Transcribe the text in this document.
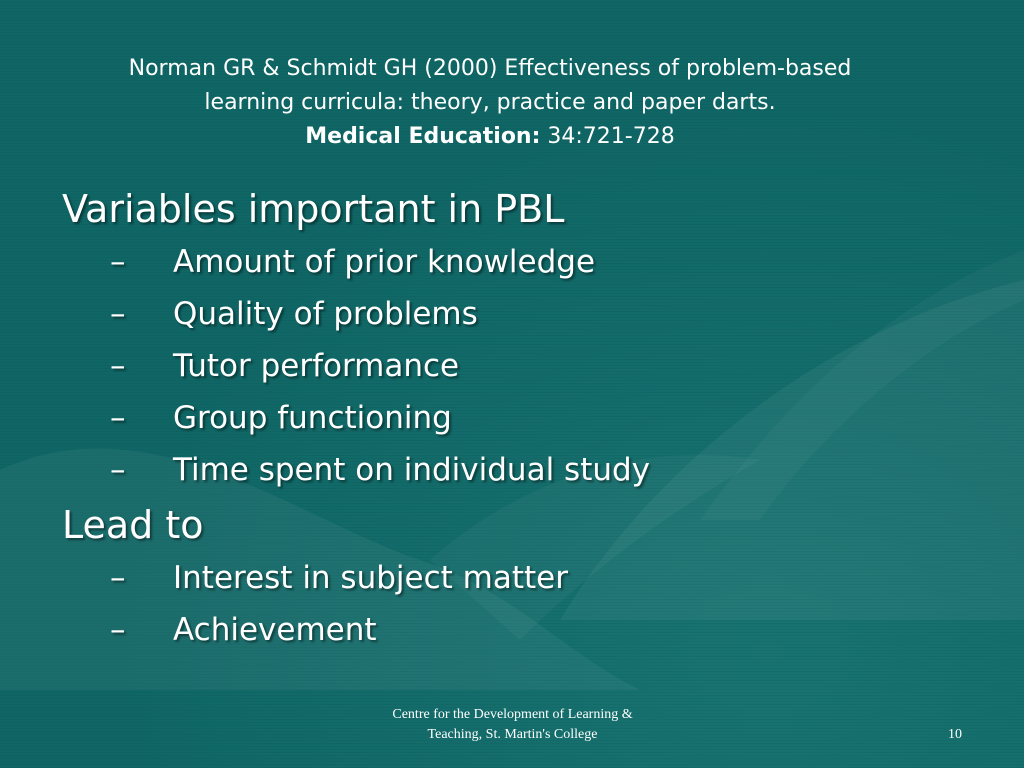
Norman GR & Schmidt GH (2000) Effectiveness of problem-based
learning curricula: theory, practice and paper darts.
Medical Education: 34:721-728
Variables important in PBL
–	Amount of prior knowledge
–	Quality of problems
–	Tutor performance
–	Group functioning
–	Time spent on individual study
Lead to
–	Interest in subject matter
–	Achievement
Centre for the Development of Learning &
Teaching, St. Martin's College	10
